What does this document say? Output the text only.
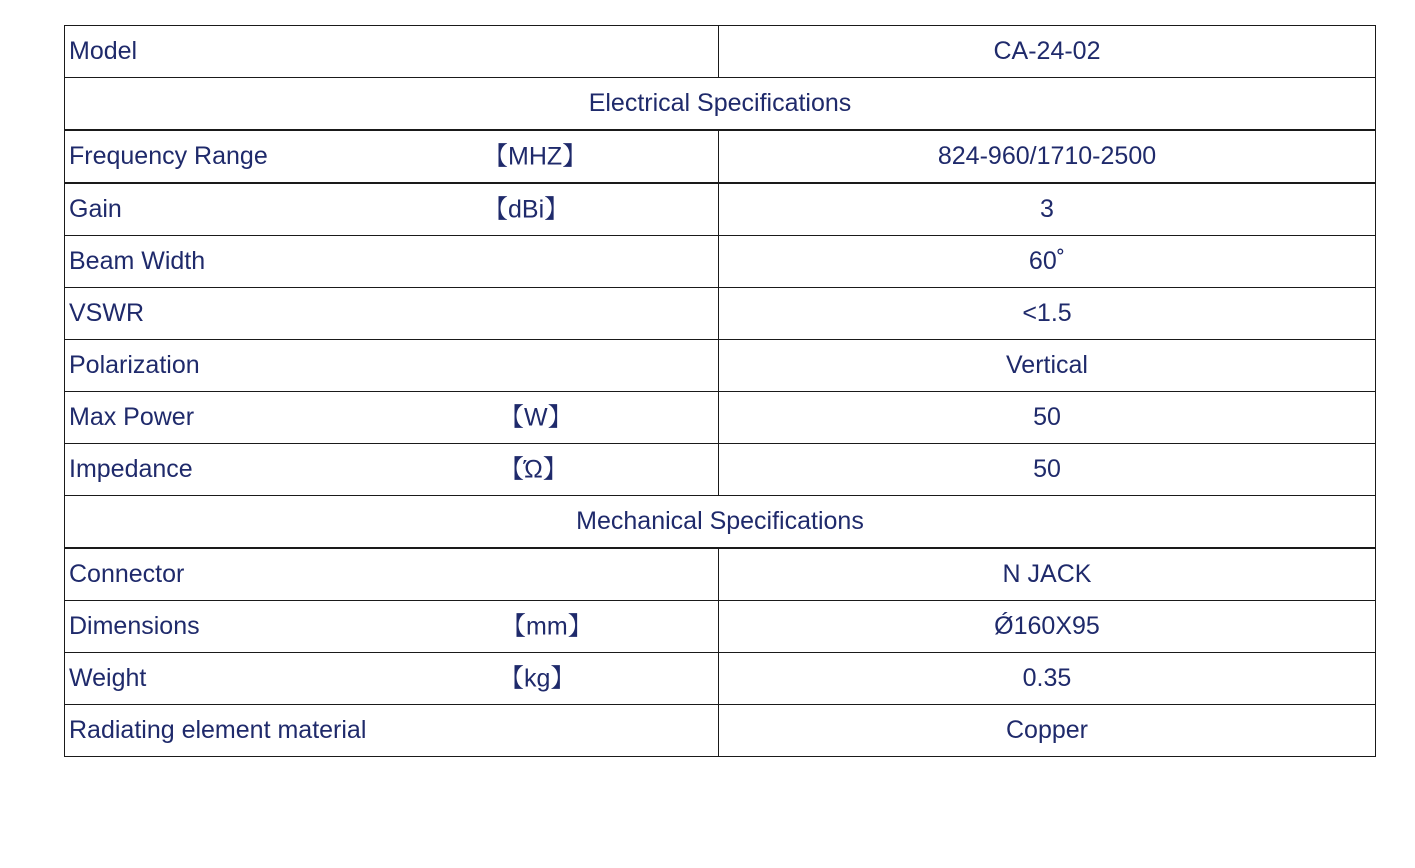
Model	CA-24-02
Electrical Specifications	
Frequency Range 【MHZ】	824-960/1710-2500
Gain 【dBi】	3
Beam Width	60˚
VSWR	<1.5
Polarization	Vertical
Max Power 【W】	50
Impedance 【Ώ】	50
Mechanical Specifications	
Connector	N JACK
Dimensions 【mm】	Ǿ160X95
Weight 【kg】	0.35
Radiating element material	Copper
